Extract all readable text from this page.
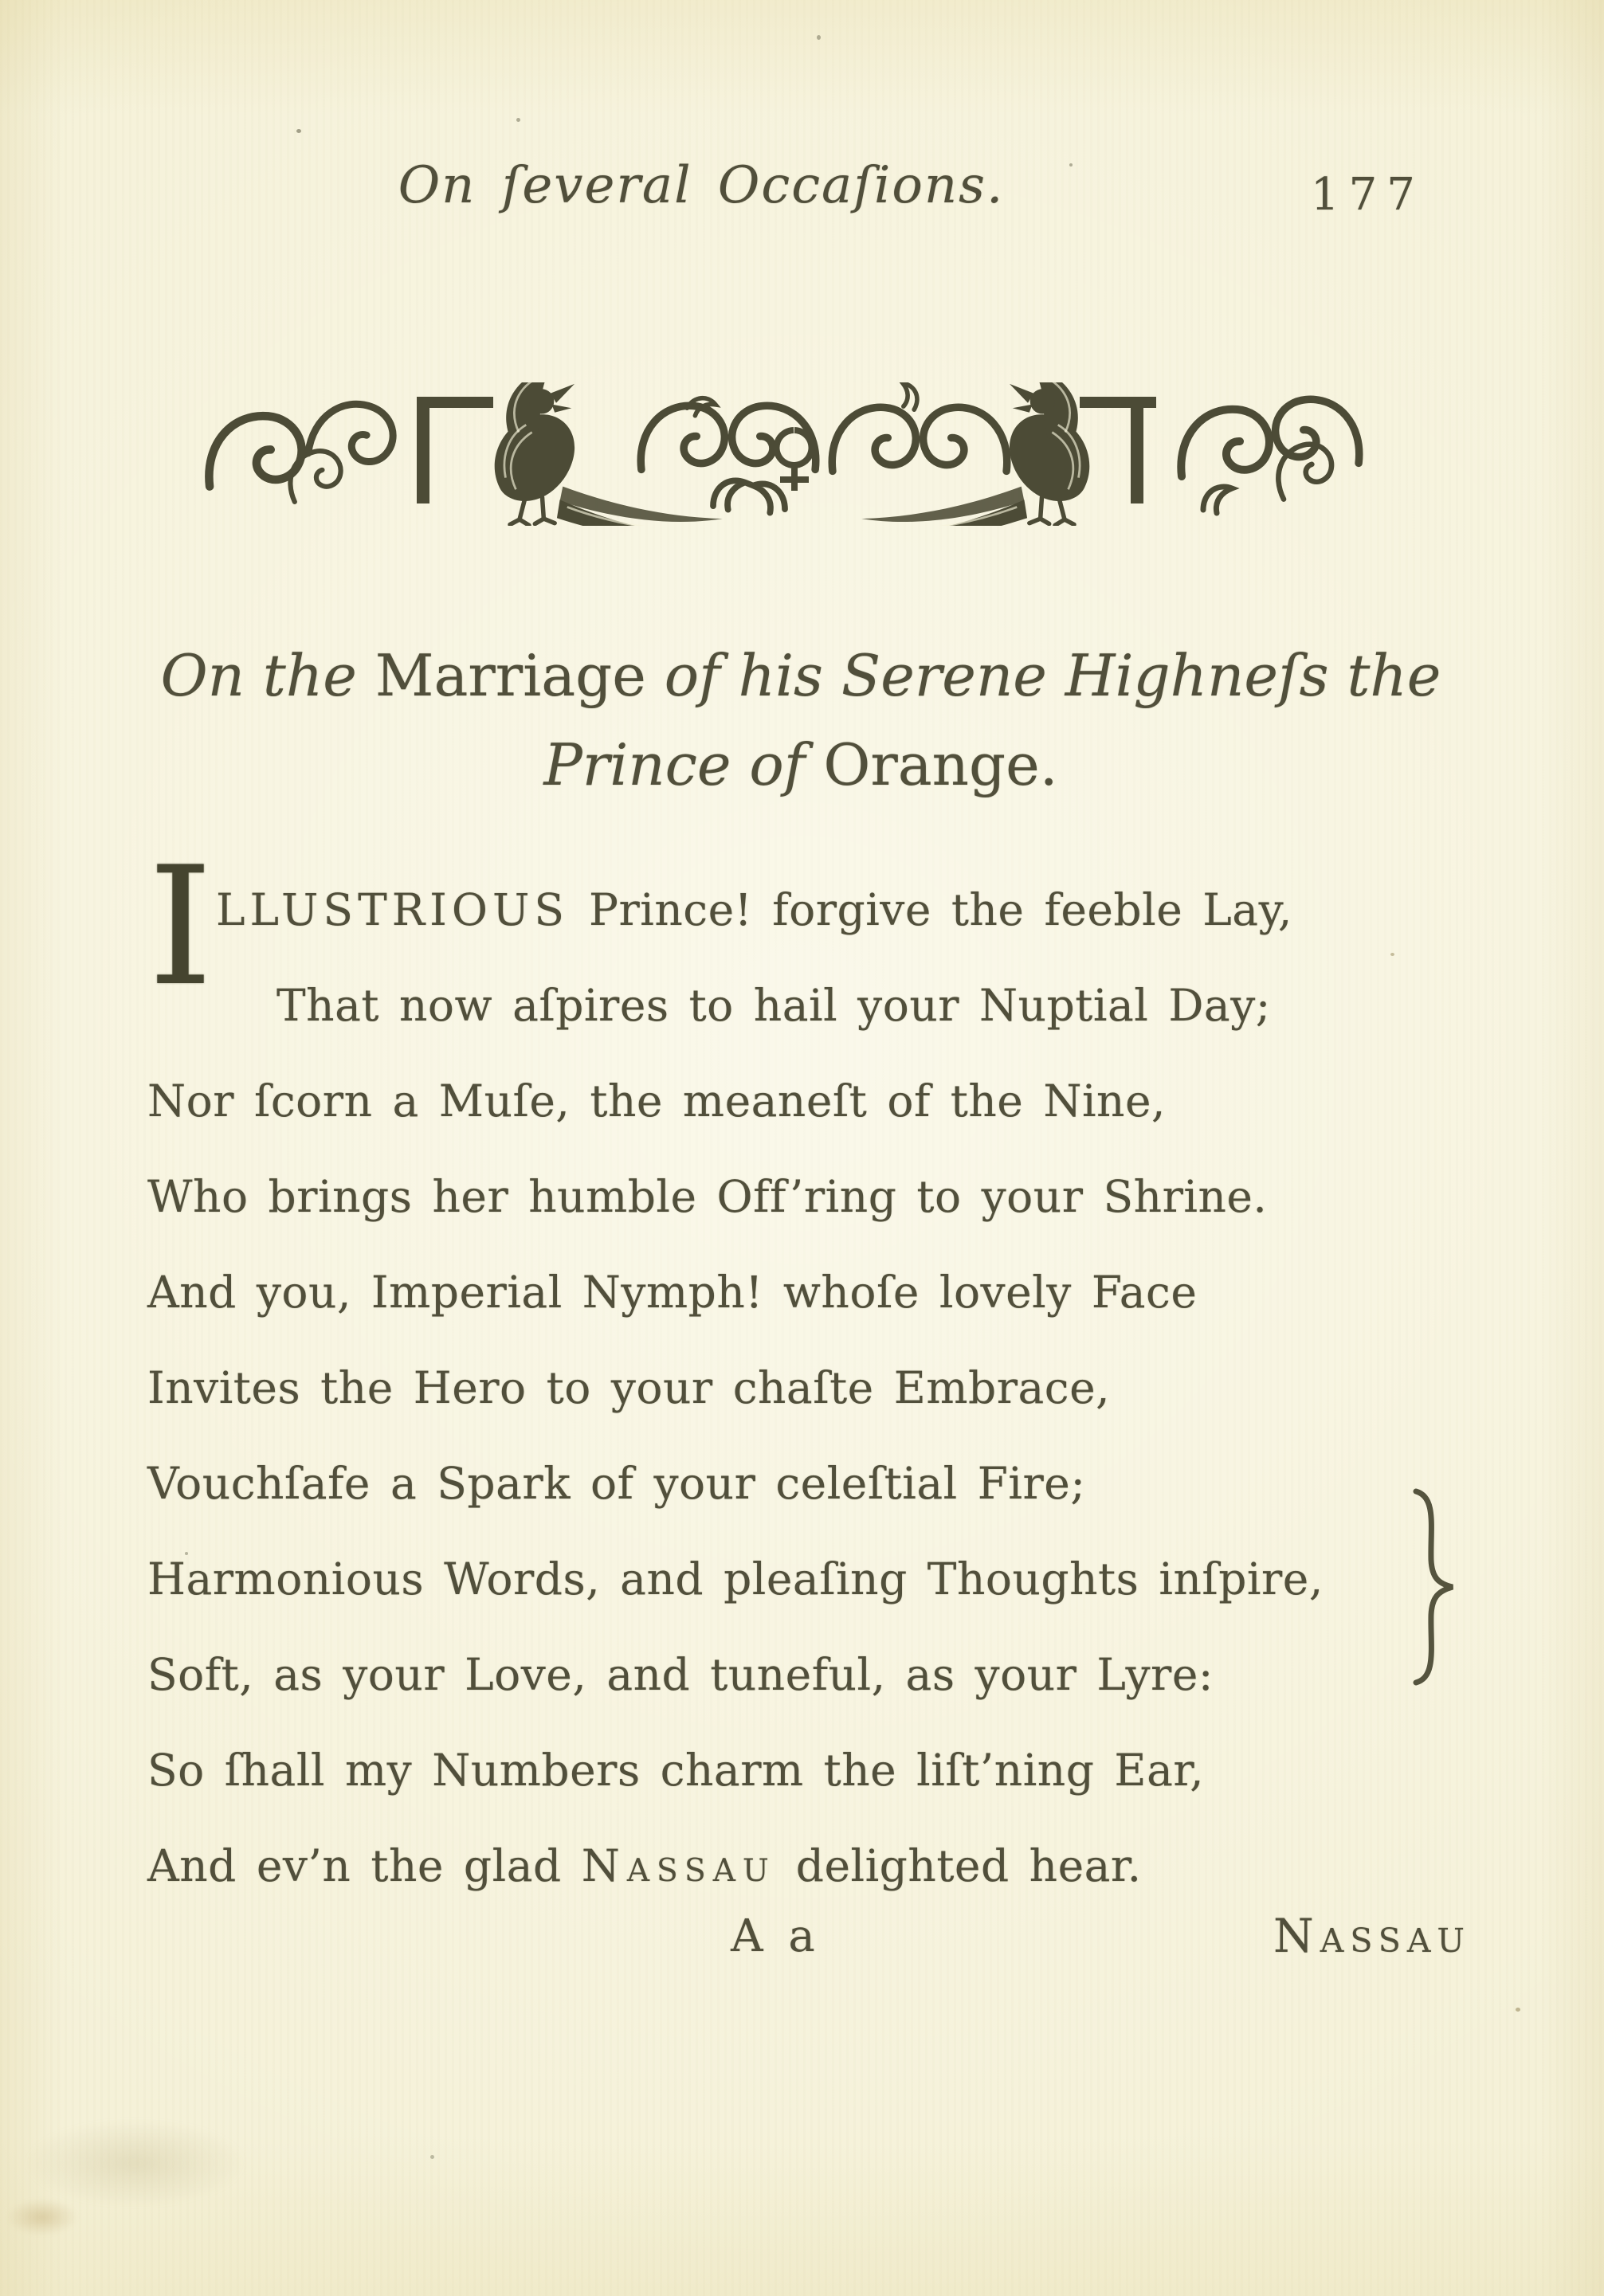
On ſeveral Occaſions.	177
On the Marriage of his Serene Highneſs the
Prince of Orange.
I LLUSTRIOUS Prince! forgive the feeble Lay,
That now aſpires to hail your Nuptial Day;
Nor ſcorn a Muſe, the meaneſt of the Nine,
Who brings her humble Off’ring to your Shrine.
And you, Imperial Nymph! whoſe lovely Face
Invites the Hero to your chaſte Embrace,
Vouchſafe a Spark of your celeſtial Fire;
Harmonious Words, and pleaſing Thoughts inſpire,
Soft, as your Love, and tuneful, as your Lyre:
So ſhall my Numbers charm the liſt’ning Ear,
And ev’n the glad Nassau delighted hear.
A a	Nassau
